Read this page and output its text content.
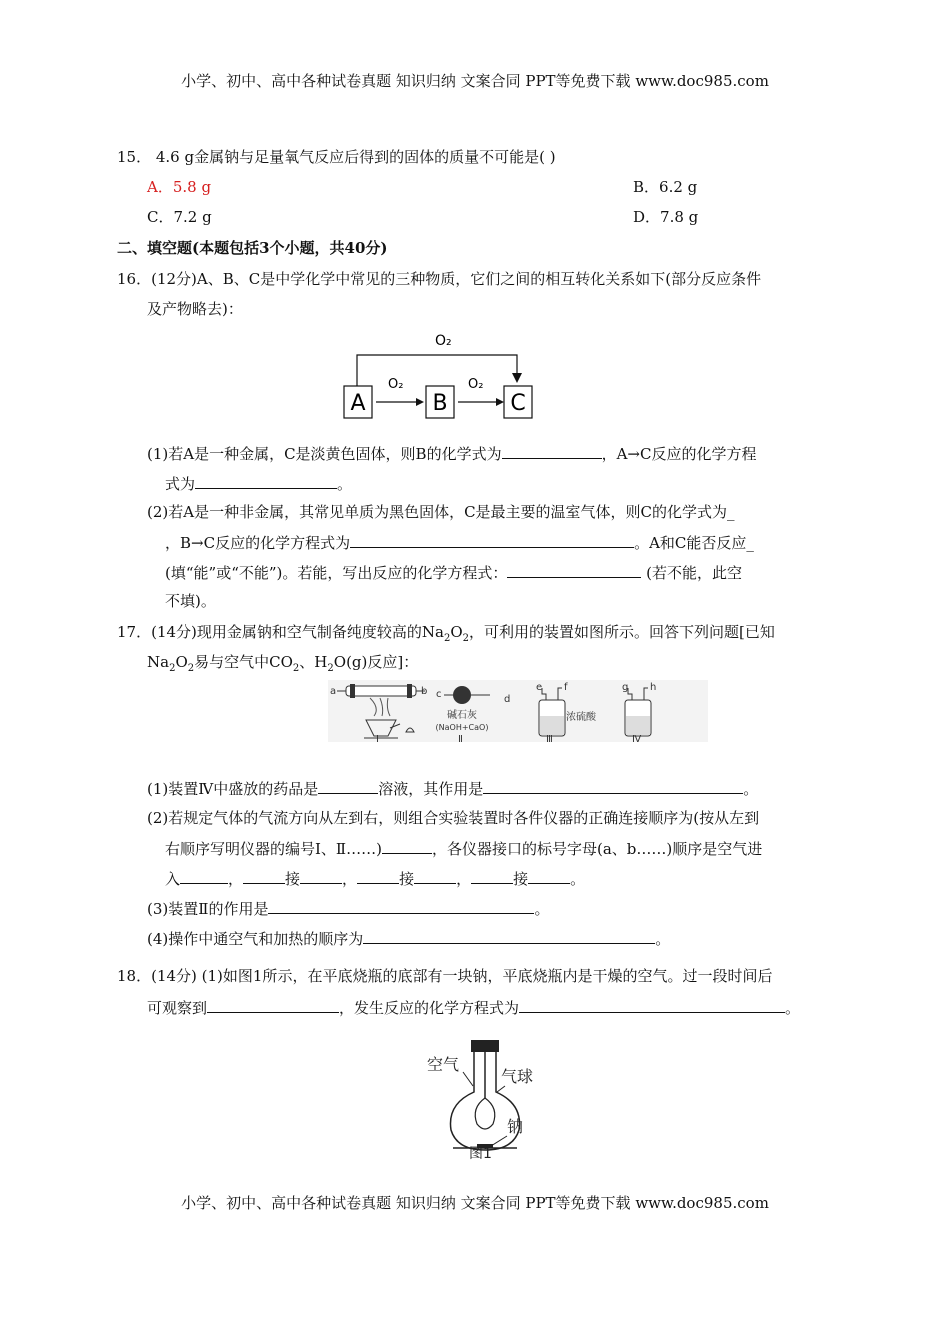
小学、初中、高中各种试卷真题 知识归纳 文案合同 PPT等免费下载 www.doc985.com
15． 4.6 g金属钠与足量氧气反应后得到的固体的质量不可能是( )
A．5.8 g	B．6.2 g
C．7.2 g	D．7.8 g
二、填空题(本题包括3个小题，共40分)
16．(12分)A、B、C是中学化学中常见的三种物质，它们之间的相互转化关系如下(部分反应条件
及产物略去)：
O₂
A
O₂
B
O₂
C
(1)若A是一种金属，C是淡黄色固体，则B的化学式为	，A→C反应的化学方程
式为	。
(2)若A是一种非金属，其常见单质为黑色固体，C是最主要的温室气体，则C的化学式为_
，B→C反应的化学方程式为	。A和C能否反应_
(填“能”或“不能”)。若能，写出反应的化学方程式：	(若不能，此空
不填)。
17．(14分)现用金属钠和空气制备纯度较高的$Na_2O_2$，可利用的装置如图所示。回答下列问题[已知
$Na_2O_2$易与空气中$CO_2$、$H_2O(g)$反应]：
a	b
Ⅰ
c	d
碱石灰
(NaOH+CaO)
Ⅱ
e f
浓硫酸
Ⅲ
g h
Ⅳ
(1)装置Ⅳ中盛放的药品是	溶液，其作用是	。
(2)若规定气体的气流方向从左到右，则组合实验装置时各件仪器的正确连接顺序为(按从左到
右顺序写明仪器的编号Ⅰ、Ⅱ……)	，各仪器接口的标号字母(a、b……)顺序是空气进
入	，	接	，	接	，	接	。
(3)装置Ⅱ的作用是	。
(4)操作中通空气和加热的顺序为	。
18．(14分) (1)如图1所示，在平底烧瓶的底部有一块钠，平底烧瓶内是干燥的空气。过一段时间后
可观察到	，发生反应的化学方程式为	。
空气
气球
钠
图1
小学、初中、高中各种试卷真题 知识归纳 文案合同 PPT等免费下载 www.doc985.com
